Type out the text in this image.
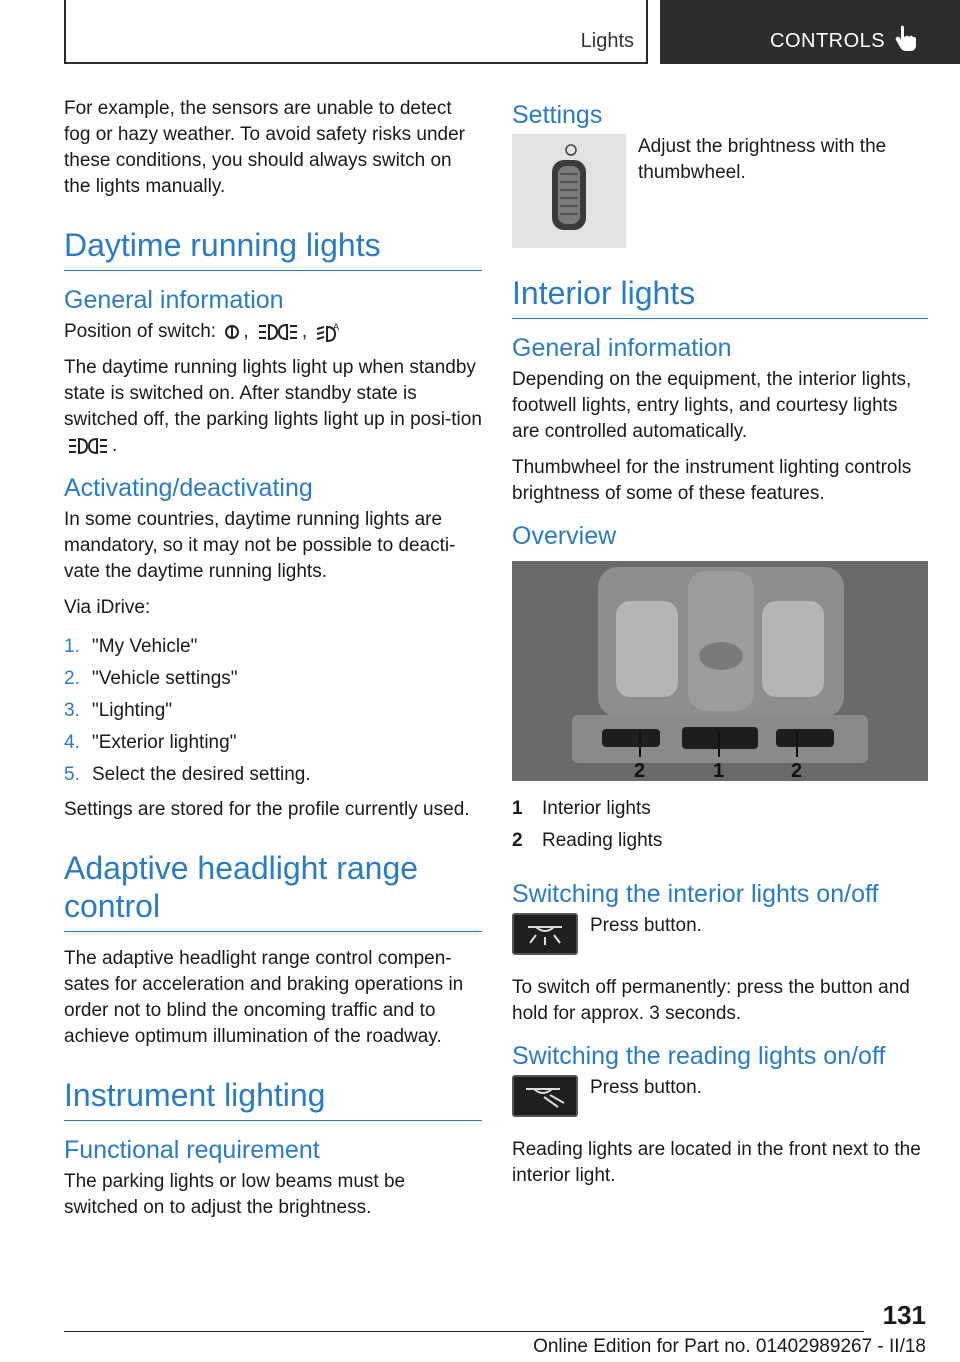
Lights	CONTROLS

For example, the sensors are unable to detect fog or hazy weather. To avoid safety risks under these conditions, you should always switch on the lights manually.

Daytime running lights
General information

Position of switch: ,	, A

The daytime running lights light up when standby state is switched on. After standby state is switched off, the parking lights light up in posi-tion .

Activating/deactivating

In some countries, daytime running lights are mandatory, so it may not be possible to deacti-vate the daytime running lights.

Via iDrive:

1. "My Vehicle"
2. "Vehicle settings"
3. "Lighting"
4. "Exterior lighting"
5. Select the desired setting.

Settings are stored for the profile currently used.

Adaptive headlight range control

The adaptive headlight range control compen-sates for acceleration and braking operations in order not to blind the oncoming traffic and to achieve optimum illumination of the roadway.

Instrument lighting
Functional requirement

The parking lights or low beams must be switched on to adjust the brightness.

Settings

Adjust the brightness with the thumbwheel.

Interior lights
General information

Depending on the equipment, the interior lights, footwell lights, entry lights, and courtesy lights are controlled automatically.

Thumbwheel for the instrument lighting controls brightness of some of these features.

Overview
2	1	2
1	Interior lights
2	Reading lights
Switching the interior lights on/off

Press button.

To switch off permanently: press the button and hold for approx. 3 seconds.

Switching the reading lights on/off

Press button.

Reading lights are located in the front next to the interior light.

131
Online Edition for Part no. 01402989267 - II/18
